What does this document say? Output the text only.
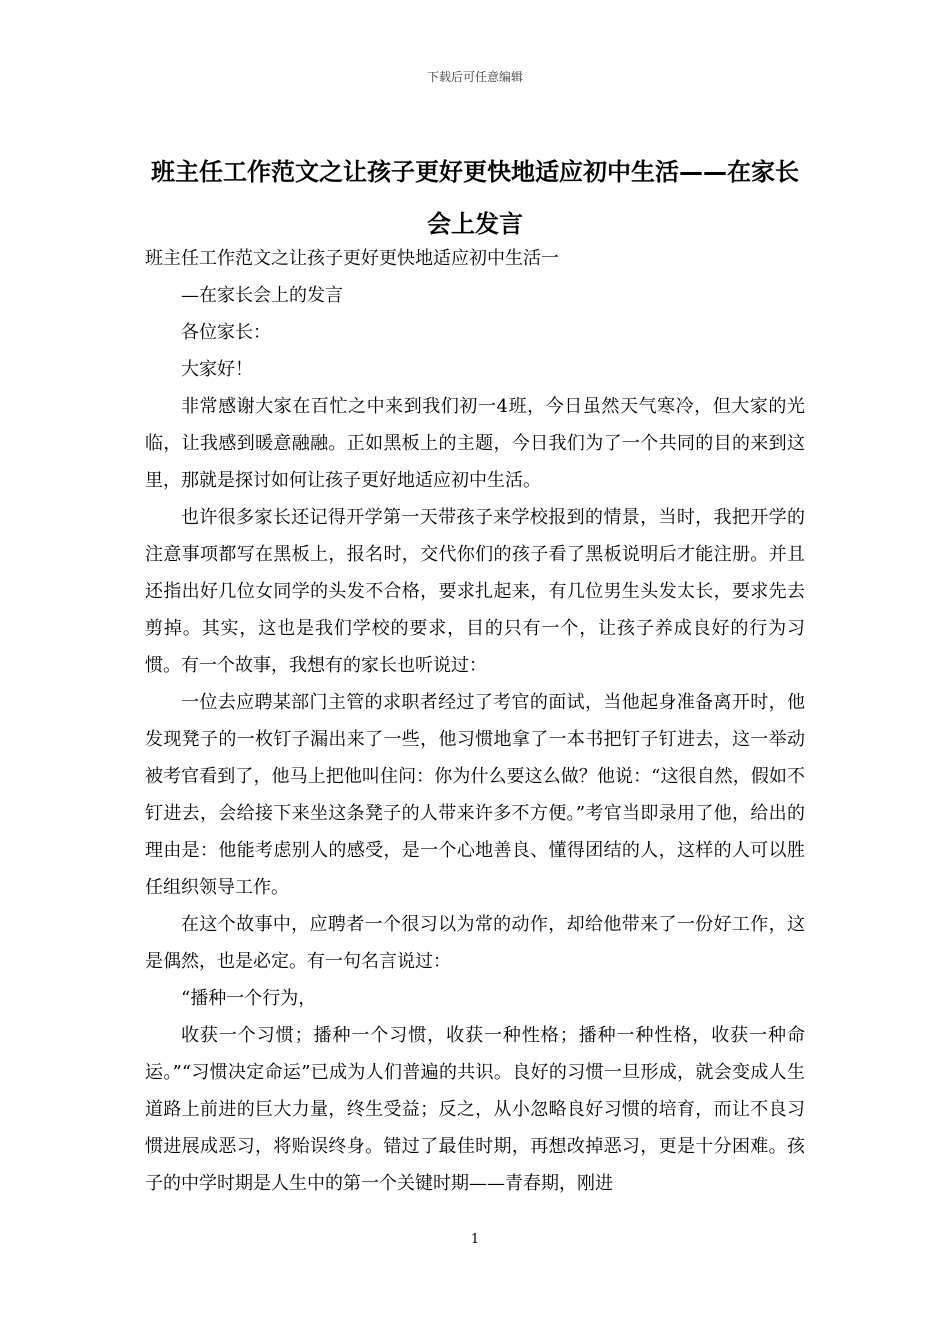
下载后可任意编辑
班主任工作范文之让孩子更好更快地适应初中生活——在家长会上发言

班主任工作范文之让孩子更好更快地适应初中生活一

—在家长会上的发言

各位家长：

大家好！

非常感谢大家在百忙之中来到我们初一4班，今日虽然天气寒冷，但大家的光临，让我感到暖意融融。正如黑板上的主题，今日我们为了一个共同的目的来到这里，那就是探讨如何让孩子更好地适应初中生活。

也许很多家长还记得开学第一天带孩子来学校报到的情景，当时，我把开学的注意事项都写在黑板上，报名时，交代你们的孩子看了黑板说明后才能注册。并且还指出好几位女同学的头发不合格，要求扎起来，有几位男生头发太长，要求先去剪掉。其实，这也是我们学校的要求，目的只有一个，让孩子养成良好的行为习惯。有一个故事，我想有的家长也听说过：

一位去应聘某部门主管的求职者经过了考官的面试，当他起身准备离开时，他发现凳子的一枚钉子漏出来了一些，他习惯地拿了一本书把钉子钉进去，这一举动被考官看到了，他马上把他叫住问：你为什么要这么做？他说：“这很自然，假如不钉进去，会给接下来坐这条凳子的人带来许多不方便。”考官当即录用了他，给出的理由是：他能考虑别人的感受，是一个心地善良、懂得团结的人，这样的人可以胜任组织领导工作。

在这个故事中，应聘者一个很习以为常的动作，却给他带来了一份好工作，这是偶然，也是必定。有一句名言说过：

“播种一个行为，

收获一个习惯；播种一个习惯，收获一种性格；播种一种性格，收获一种命运。”“习惯决定命运”已成为人们普遍的共识。良好的习惯一旦形成，就会变成人生道路上前进的巨大力量，终生受益；反之，从小忽略良好习惯的培育，而让不良习惯进展成恶习，将贻误终身。错过了最佳时期，再想改掉恶习，更是十分困难。孩子的中学时期是人生中的第一个关键时期——青春期，刚进

1
